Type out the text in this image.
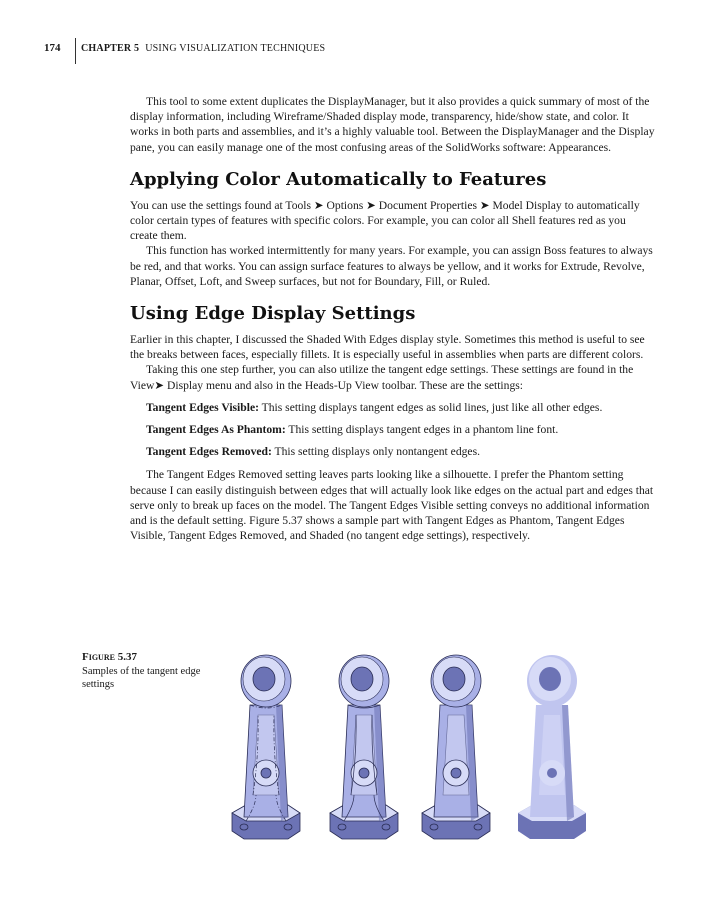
174 CHAPTER 5 USING VISUALIZATION TECHNIQUES

This tool to some extent duplicates the DisplayManager, but it also provides a quick summary of most of the display information, including Wireframe/Shaded display mode, transparency, hide/show state, and color. It works in both parts and assemblies, and it’s a highly valuable tool. Between the DisplayManager and the Display pane, you can easily manage one of the most confusing areas of the SolidWorks software: Appearances.

Applying Color Automatically to Features

You can use the settings found at Tools ➤ Options ➤ Document Properties ➤ Model Display to automatically color certain types of features with specific colors. For example, you can color all Shell features red as you create them.

This function has worked intermittently for many years. For example, you can assign Boss features to always be red, and that works. You can assign surface features to always be yellow, and it works for Extrude, Revolve, Planar, Offset, Loft, and Sweep surfaces, but not for Boundary, Fill, or Ruled.

Using Edge Display Settings

Earlier in this chapter, I discussed the Shaded With Edges display style. Sometimes this method is useful to see the breaks between faces, especially fillets. It is especially useful in assemblies when parts are different colors.

Taking this one step further, you can also utilize the tangent edge settings. These settings are found in the View➤ Display menu and also in the Heads-Up View toolbar. These are the settings:

Tangent Edges Visible: This setting displays tangent edges as solid lines, just like all other edges.

Tangent Edges As Phantom: This setting displays tangent edges in a phantom line font.

Tangent Edges Removed: This setting displays only nontangent edges.

The Tangent Edges Removed setting leaves parts looking like a silhouette. I prefer the Phantom setting because I can easily distinguish between edges that will actually look like edges on the actual part and edges that serve only to break up faces on the model. The Tangent Edges Visible setting conveys no additional information and is the default setting. Figure 5.37 shows a sample part with Tangent Edges as Phantom, Tangent Edges Visible, Tangent Edges Removed, and Shaded (no tangent edge settings), respectively.

Figure 5.37
Samples of the tangent edge settings
